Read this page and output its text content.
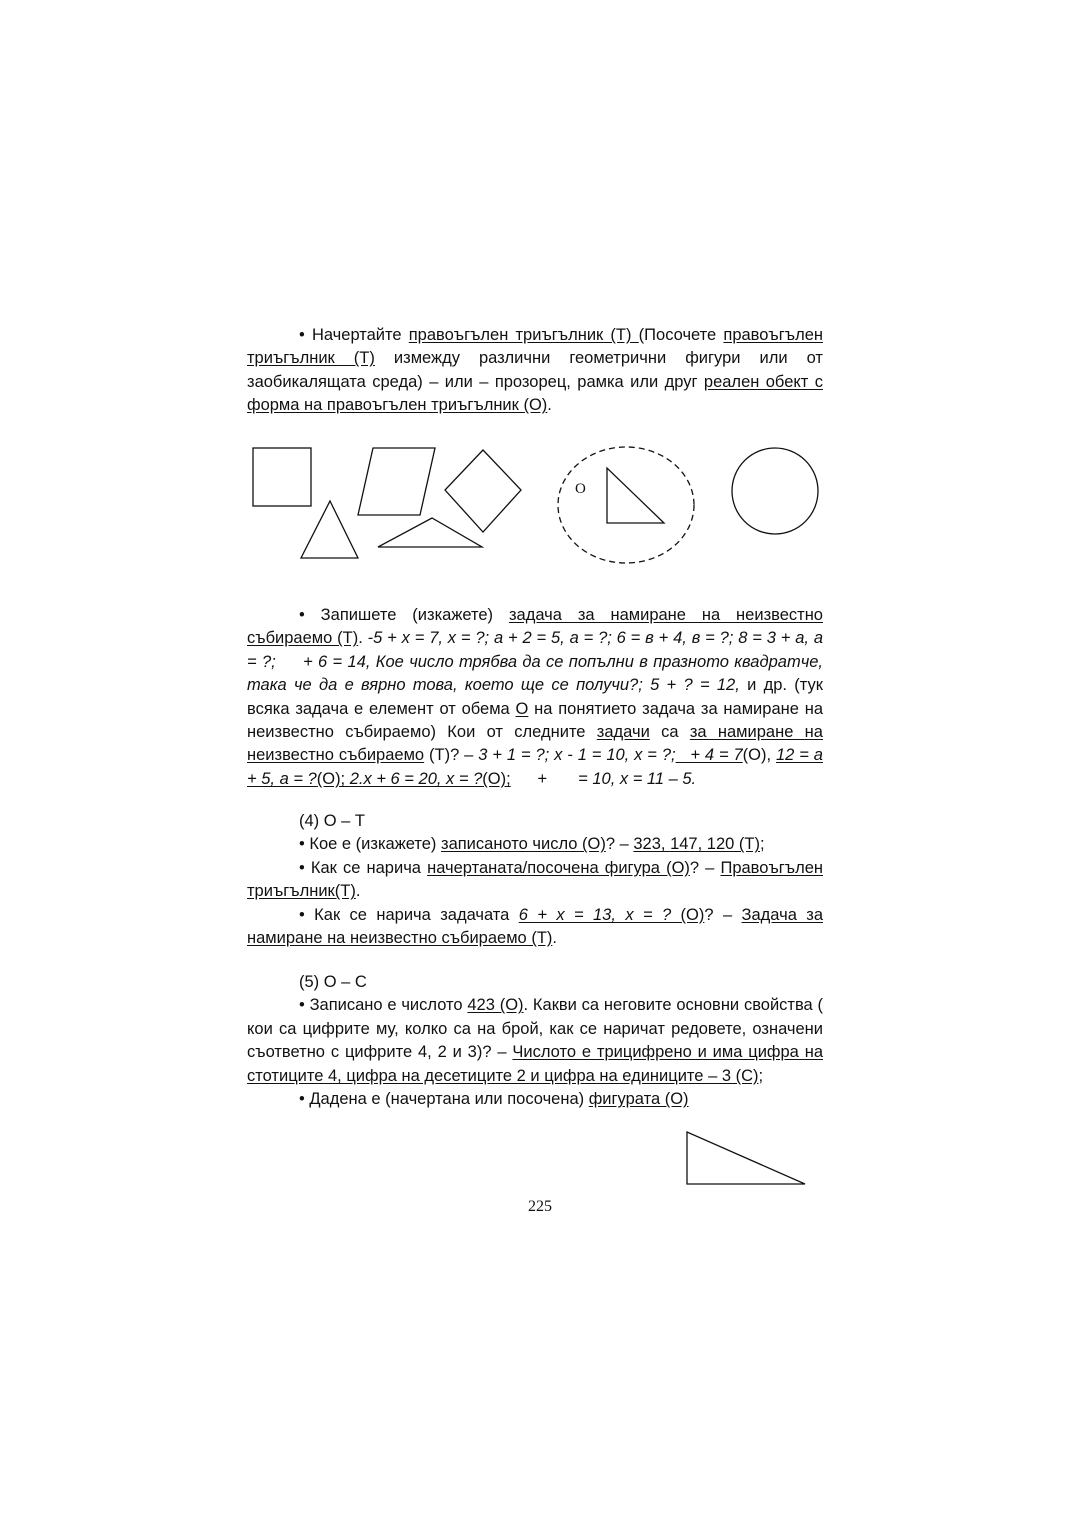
• Начертайте правоъгълен триъгълник (Т) (Посочете правоъгълен триъгълник (Т) измежду различни геометрични фигури или от заобикалящата среда) – или – прозорец, рамка или друг реален обект с форма на правоъгълен триъгълник (О).

О

• Запишете (изкажете) задача за намиране на неизвестно събираемо (Т). -5 + x = 7, x = ?; a + 2 = 5, a = ?; 6 = в + 4, в = ?; 8 = 3 + a, a = ?; + 6 = 14, Кое число трябва да се попълни в празното квадратче, така че да е вярно това, което ще се получи?; 5 + ? = 12, и др. (тук всяка задача е елемент от обема О на понятието задача за намиране на неизвестно събираемо) Кои от следните задачи са за намиране на неизвестно събираемо (Т)? – 3 + 1 = ?; x - 1 = 10, x = ?;   + 4 = 7(О), 12 = a + 5, a = ?(О); 2.x + 6 = 20, x = ?(О); +  = 10, x = 11 – 5.

(4) О – Т

• Кое е (изкажете) записаното число (О)? – 323, 147, 120 (Т);

• Как се нарича начертаната/посочена фигура (О)? – Правоъгълен триъгълник(Т).

• Как се нарича задачата 6 + x = 13, x = ? (О)? – Задача за намиране на неизвестно събираемо (Т).

(5) О – С

• Записано е числото 423 (О). Какви са неговите основни свойства ( кои са цифрите му, колко са на брой, как се наричат редовете, означени съответно с цифрите 4, 2 и 3)? – Числото е трицифрено и има цифра на стотиците 4, цифра на десетиците 2 и цифра на единиците – 3 (С);

• Дадена е (начертана или посочена) фигурата (О)

225
